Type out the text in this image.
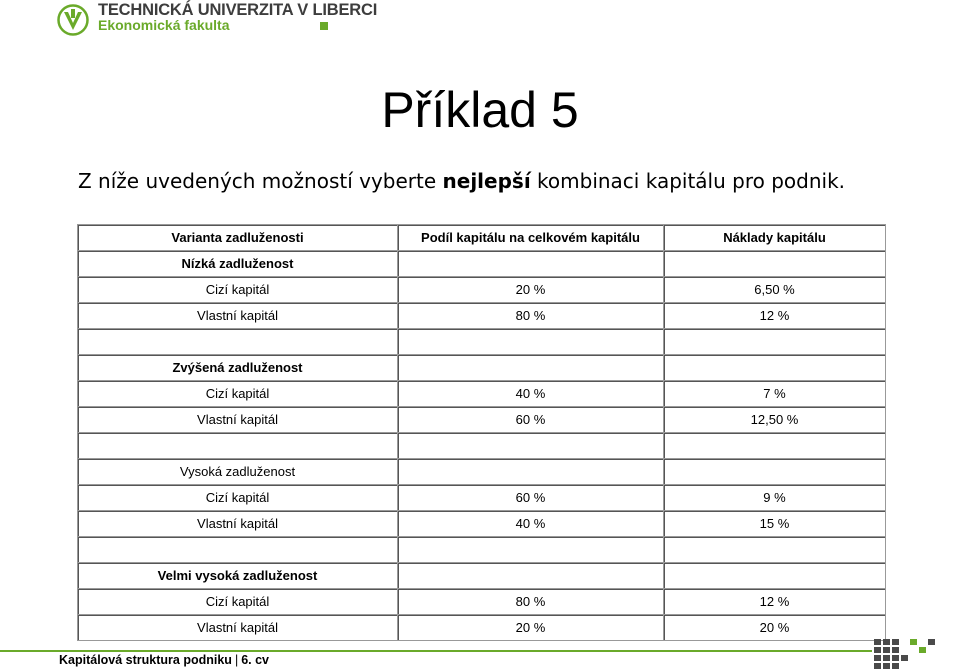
TECHNICKÁ UNIVERZITA V LIBERCI
Ekonomická fakulta
Příklad 5
Z níže uvedených možností vyberte nejlepší kombinaci kapitálu pro podnik.
Varianta zadluženosti	Podíl kapitálu na celkovém kapitálu	Náklady kapitálu
Nízká zadluženost		
Cizí kapitál	20 %	6,50 %
Vlastní kapitál	80 %	12 %

Zvýšená zadluženost		
Cizí kapitál	40 %	7 %
Vlastní kapitál	60 %	12,50 %

Vysoká zadluženost		
Cizí kapitál	60 %	9 %
Vlastní kapitál	40 %	15 %

Velmi vysoká zadluženost		
Cizí kapitál	80 %	12 %
Vlastní kapitál	20 %	20 %
Kapitálová struktura podniku | 6. cv
